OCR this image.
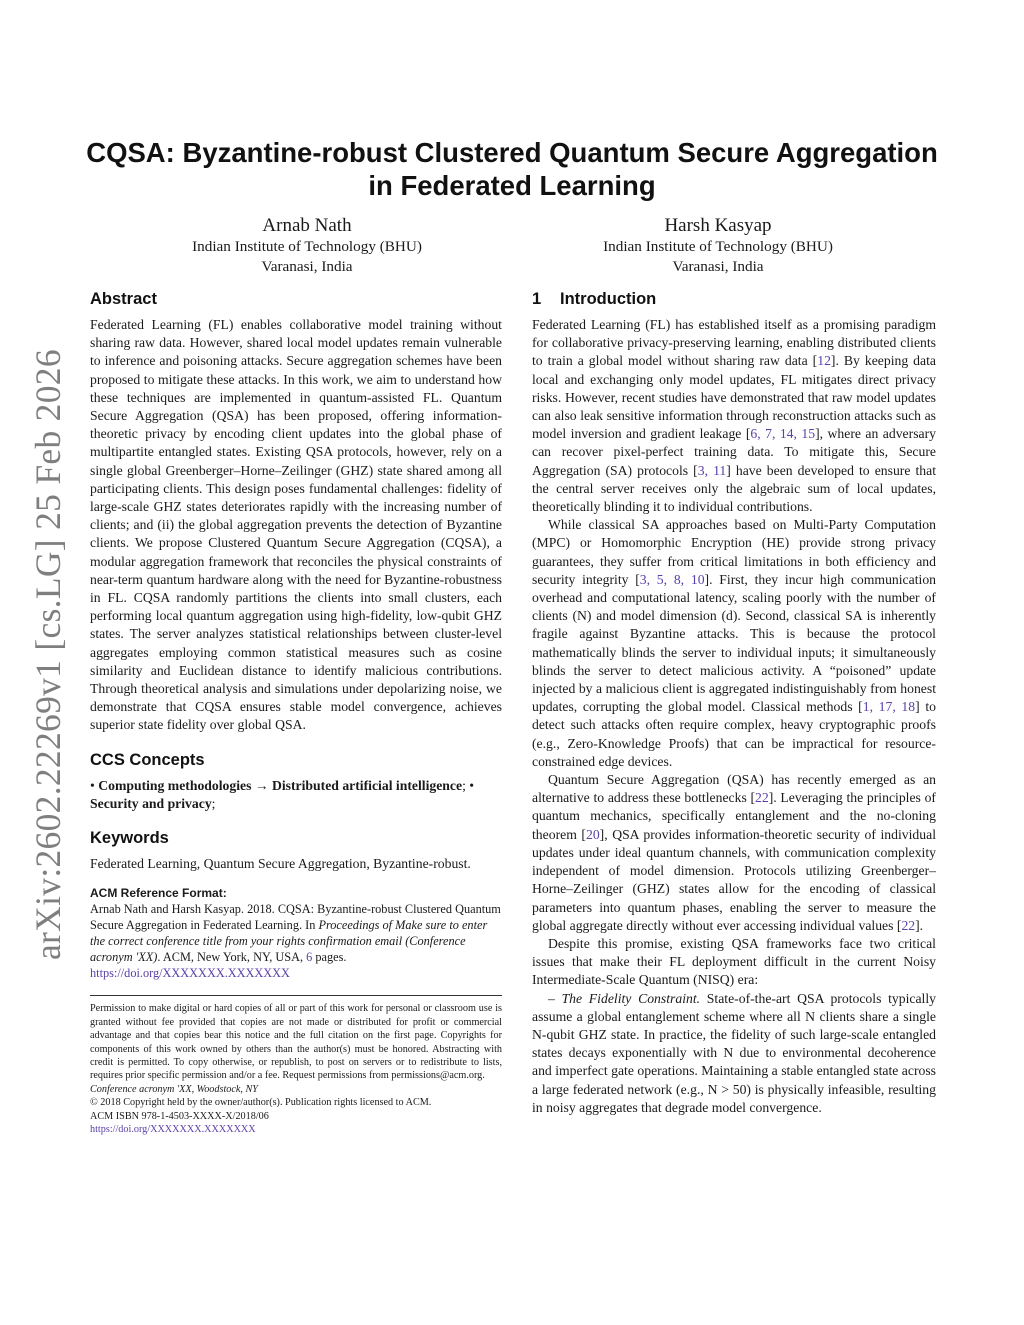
arXiv:2602.22269v1 [cs.LG] 25 Feb 2026
CQSA: Byzantine-robust Clustered Quantum Secure Aggregation
in Federated Learning
Arnab Nath
Indian Institute of Technology (BHU)
Varanasi, India
Harsh Kasyap
Indian Institute of Technology (BHU)
Varanasi, India
Abstract

Federated Learning (FL) enables collaborative model training without sharing raw data. However, shared local model updates remain vulnerable to inference and poisoning attacks. Secure aggregation schemes have been proposed to mitigate these attacks. In this work, we aim to understand how these techniques are implemented in quantum-assisted FL. Quantum Secure Aggregation (QSA) has been proposed, offering information-theoretic privacy by encoding client updates into the global phase of multipartite entangled states. Existing QSA protocols, however, rely on a single global Greenberger–Horne–Zeilinger (GHZ) state shared among all participating clients. This design poses fundamental challenges: fidelity of large-scale GHZ states deteriorates rapidly with the increasing number of clients; and (ii) the global aggregation prevents the detection of Byzantine clients. We propose Clustered Quantum Secure Aggregation (CQSA), a modular aggregation framework that reconciles the physical constraints of near-term quantum hardware along with the need for Byzantine-robustness in FL. CQSA randomly partitions the clients into small clusters, each performing local quantum aggregation using high-fidelity, low-qubit GHZ states. The server analyzes statistical relationships between cluster-level aggregates employing common statistical measures such as cosine similarity and Euclidean distance to identify malicious contributions. Through theoretical analysis and simulations under depolarizing noise, we demonstrate that CQSA ensures stable model convergence, achieves superior state fidelity over global QSA.

CCS Concepts

• Computing methodologies → Distributed artificial intelligence; • Security and privacy;

Keywords

Federated Learning, Quantum Secure Aggregation, Byzantine-robust.

ACM Reference Format:

Arnab Nath and Harsh Kasyap. 2018. CQSA: Byzantine-robust Clustered Quantum Secure Aggregation in Federated Learning. In Proceedings of Make sure to enter the correct conference title from your rights confirmation email (Conference acronym 'XX). ACM, New York, NY, USA, 6 pages. https://doi.org/XXXXXXX.XXXXXXX

Permission to make digital or hard copies of all or part of this work for personal or classroom use is granted without fee provided that copies are not made or distributed for profit or commercial advantage and that copies bear this notice and the full citation on the first page. Copyrights for components of this work owned by others than the author(s) must be honored. Abstracting with credit is permitted. To copy otherwise, or republish, to post on servers or to redistribute to lists, requires prior specific permission and/or a fee. Request permissions from permissions@acm.org.

Conference acronym 'XX, Woodstock, NY

© 2018 Copyright held by the owner/author(s). Publication rights licensed to ACM.

ACM ISBN 978-1-4503-XXXX-X/2018/06

https://doi.org/XXXXXXX.XXXXXXX

1 Introduction

Federated Learning (FL) has established itself as a promising paradigm for collaborative privacy-preserving learning, enabling distributed clients to train a global model without sharing raw data [12]. By keeping data local and exchanging only model updates, FL mitigates direct privacy risks. However, recent studies have demonstrated that raw model updates can also leak sensitive information through reconstruction attacks such as model inversion and gradient leakage [6, 7, 14, 15], where an adversary can recover pixel-perfect training data. To mitigate this, Secure Aggregation (SA) protocols [3, 11] have been developed to ensure that the central server receives only the algebraic sum of local updates, theoretically blinding it to individual contributions.

While classical SA approaches based on Multi-Party Computation (MPC) or Homomorphic Encryption (HE) provide strong privacy guarantees, they suffer from critical limitations in both efficiency and security integrity [3, 5, 8, 10]. First, they incur high communication overhead and computational latency, scaling poorly with the number of clients (N) and model dimension (d). Second, classical SA is inherently fragile against Byzantine attacks. This is because the protocol mathematically blinds the server to individual inputs; it simultaneously blinds the server to detect malicious activity. A “poisoned” update injected by a malicious client is aggregated indistinguishably from honest updates, corrupting the global model. Classical methods [1, 17, 18] to detect such attacks often require complex, heavy cryptographic proofs (e.g., Zero-Knowledge Proofs) that can be impractical for resource-constrained edge devices.

Quantum Secure Aggregation (QSA) has recently emerged as an alternative to address these bottlenecks [22]. Leveraging the principles of quantum mechanics, specifically entanglement and the no-cloning theorem [20], QSA provides information-theoretic security of individual updates under ideal quantum channels, with communication complexity independent of model dimension. Protocols utilizing Greenberger–Horne–Zeilinger (GHZ) states allow for the encoding of classical parameters into quantum phases, enabling the server to measure the global aggregate directly without ever accessing individual values [22].

Despite this promise, existing QSA frameworks face two critical issues that make their FL deployment difficult in the current Noisy Intermediate-Scale Quantum (NISQ) era:

– The Fidelity Constraint. State-of-the-art QSA protocols typically assume a global entanglement scheme where all N clients share a single N-qubit GHZ state. In practice, the fidelity of such large-scale entangled states decays exponentially with N due to environmental decoherence and imperfect gate operations. Maintaining a stable entangled state across a large federated network (e.g., N > 50) is physically infeasible, resulting in noisy aggregates that degrade model convergence.
